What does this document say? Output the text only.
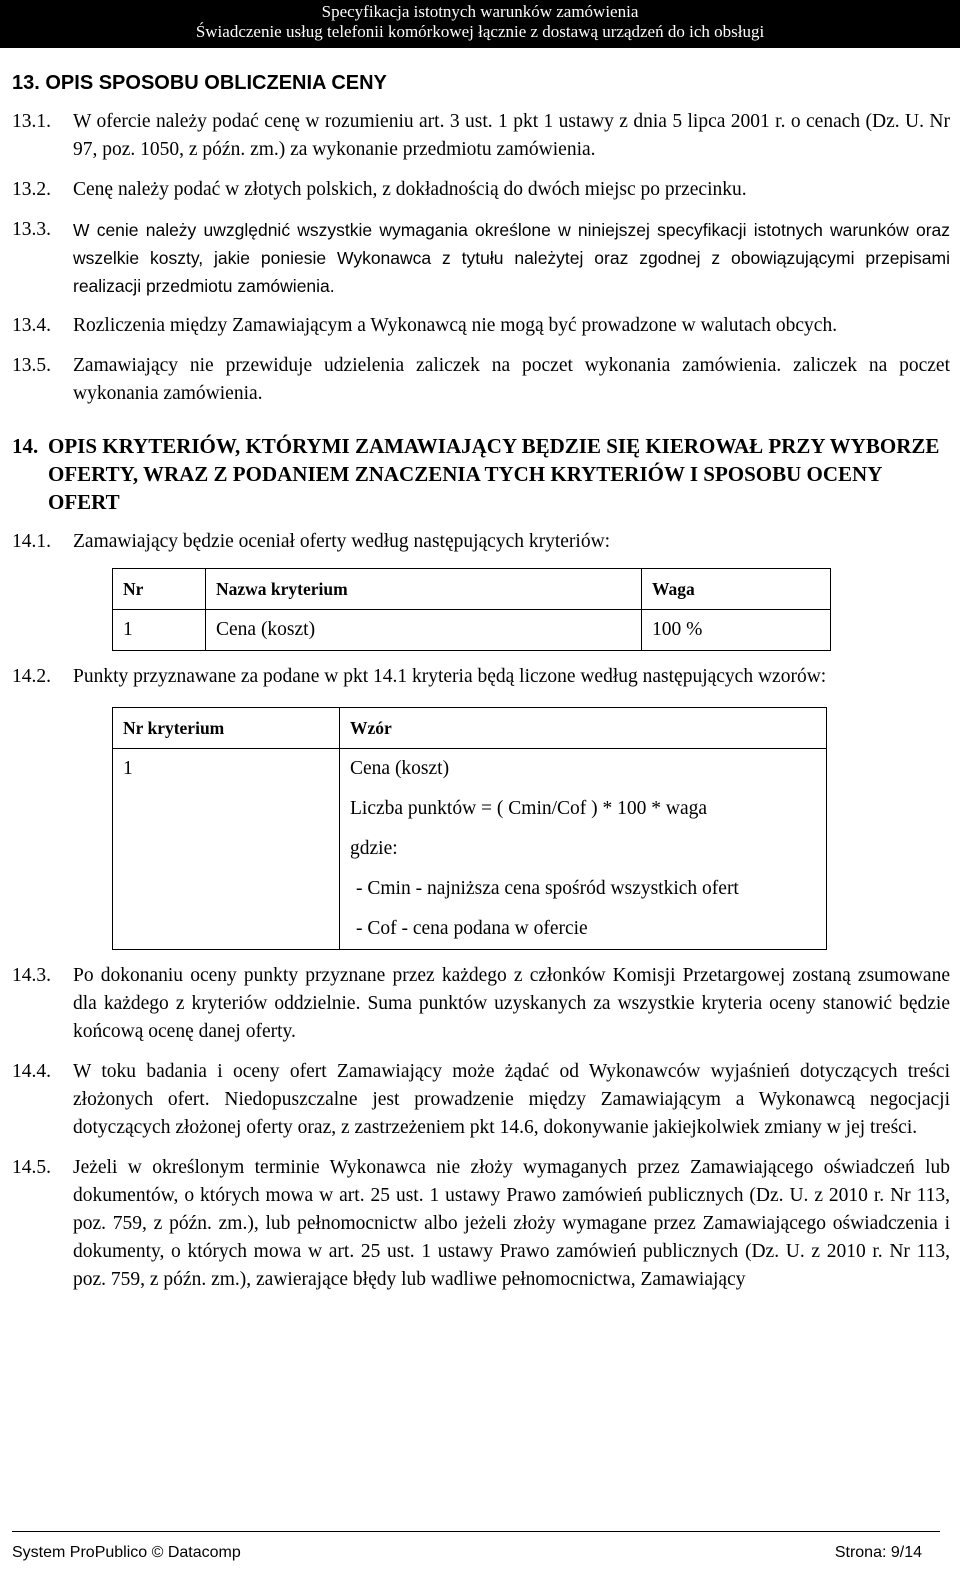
Specyfikacja istotnych warunków zamówienia
Świadczenie usług telefonii komórkowej łącznie z dostawą urządzeń do ich obsługi
13. OPIS SPOSOBU OBLICZENIA CENY
13.1.	W ofercie należy podać cenę w rozumieniu art. 3 ust. 1 pkt 1 ustawy z dnia 5 lipca 2001 r. o cenach (Dz. U. Nr 97, poz. 1050, z późn. zm.) za wykonanie przedmiotu zamówienia.
13.2.	Cenę należy podać w złotych polskich, z dokładnością do dwóch miejsc po przecinku.
13.3.	W cenie należy uwzględnić wszystkie wymagania określone w niniejszej specyfikacji istotnych warunków oraz wszelkie koszty, jakie poniesie Wykonawca z tytułu należytej oraz zgodnej z obowiązującymi przepisami realizacji przedmiotu zamówienia.
13.4.	Rozliczenia między Zamawiającym a Wykonawcą nie mogą być prowadzone w walutach obcych.
13.5.	Zamawiający nie przewiduje udzielenia zaliczek na poczet wykonania zamówienia. zaliczek na poczet wykonania zamówienia.
14. OPIS KRYTERIÓW, KTÓRYMI ZAMAWIAJĄCY BĘDZIE SIĘ KIEROWAŁ PRZY WYBORZE OFERTY, WRAZ Z PODANIEM ZNACZENIA TYCH KRYTERIÓW I SPOSOBU OCENY OFERT
14.1.	Zamawiający będzie oceniał oferty według następujących kryteriów:
Nr	Nazwa kryterium	Waga
1	Cena (koszt)	100 %
14.2.	Punkty przyznawane za podane w pkt 14.1 kryteria będą liczone według następujących wzorów:
Nr kryterium	Wzór
1	Cena (koszt)
Liczba punktów = ( Cmin/Cof ) * 100 * waga
gdzie:
- Cmin - najniższa cena spośród wszystkich ofert
- Cof - cena podana w ofercie
14.3.	Po dokonaniu oceny punkty przyznane przez każdego z członków Komisji Przetargowej zostaną zsumowane dla każdego z kryteriów oddzielnie. Suma punktów uzyskanych za wszystkie kryteria oceny stanowić będzie końcową ocenę danej oferty.
14.4.	W toku badania i oceny ofert Zamawiający może żądać od Wykonawców wyjaśnień dotyczących treści złożonych ofert. Niedopuszczalne jest prowadzenie między Zamawiającym a Wykonawcą negocjacji dotyczących złożonej oferty oraz, z zastrzeżeniem pkt 14.6, dokonywanie jakiejkolwiek zmiany w jej treści.
14.5.	Jeżeli w określonym terminie Wykonawca nie złoży wymaganych przez Zamawiającego oświadczeń lub dokumentów, o których mowa w art. 25 ust. 1 ustawy Prawo zamówień publicznych (Dz. U. z 2010 r. Nr 113, poz. 759, z późn. zm.), lub pełnomocnictw albo jeżeli złoży wymagane przez Zamawiającego oświadczenia i dokumenty, o których mowa w art. 25 ust. 1 ustawy Prawo zamówień publicznych (Dz. U. z 2010 r. Nr 113, poz. 759, z późn. zm.), zawierające błędy lub wadliwe pełnomocnictwa, Zamawiający
System ProPublico © Datacomp	Strona: 9/14
